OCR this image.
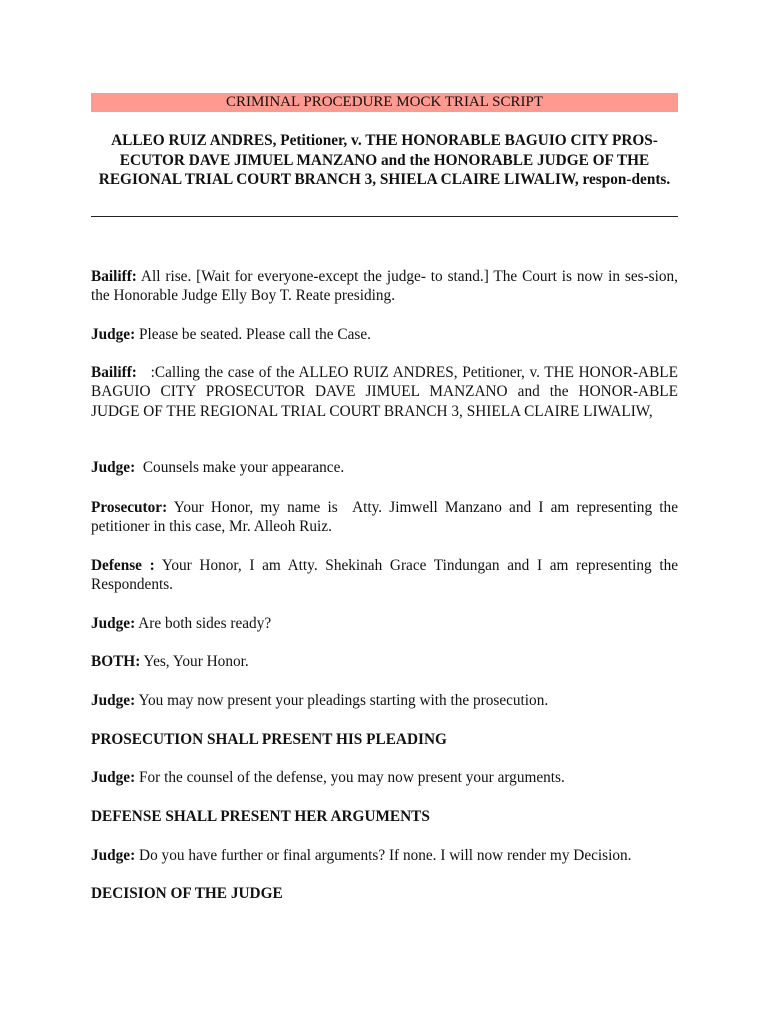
CRIMINAL PROCEDURE MOCK TRIAL SCRIPT

ALLEO RUIZ ANDRES, Petitioner, v. THE HONORABLE BAGUIO CITY PROS-ECUTOR DAVE JIMUEL MANZANO and the HONORABLE JUDGE OF THE REGIONAL TRIAL COURT BRANCH 3, SHIELA CLAIRE LIWALIW, respon-dents.

Bailiff: All rise. [Wait for everyone-except the judge- to stand.] The Court is now in ses-sion, the Honorable Judge Elly Boy T. Reate presiding.

Judge: Please be seated. Please call the Case.

Bailiff:   :Calling the case of the ALLEO RUIZ ANDRES, Petitioner, v. THE HONOR-ABLE BAGUIO CITY PROSECUTOR DAVE JIMUEL MANZANO and the HONOR-ABLE JUDGE OF THE REGIONAL TRIAL COURT BRANCH 3, SHIELA CLAIRE LIWALIW,

Judge:  Counsels make your appearance.

Prosecutor: Your Honor, my name is  Atty. Jimwell Manzano and I am representing the petitioner in this case, Mr. Alleoh Ruiz.

Defense : Your Honor, I am Atty. Shekinah Grace Tindungan and I am representing the Respondents.

Judge: Are both sides ready?

BOTH: Yes, Your Honor.

Judge: You may now present your pleadings starting with the prosecution.

PROSECUTION SHALL PRESENT HIS PLEADING

Judge: For the counsel of the defense, you may now present your arguments.

DEFENSE SHALL PRESENT HER ARGUMENTS

Judge: Do you have further or final arguments? If none. I will now render my Decision.

DECISION OF THE JUDGE
